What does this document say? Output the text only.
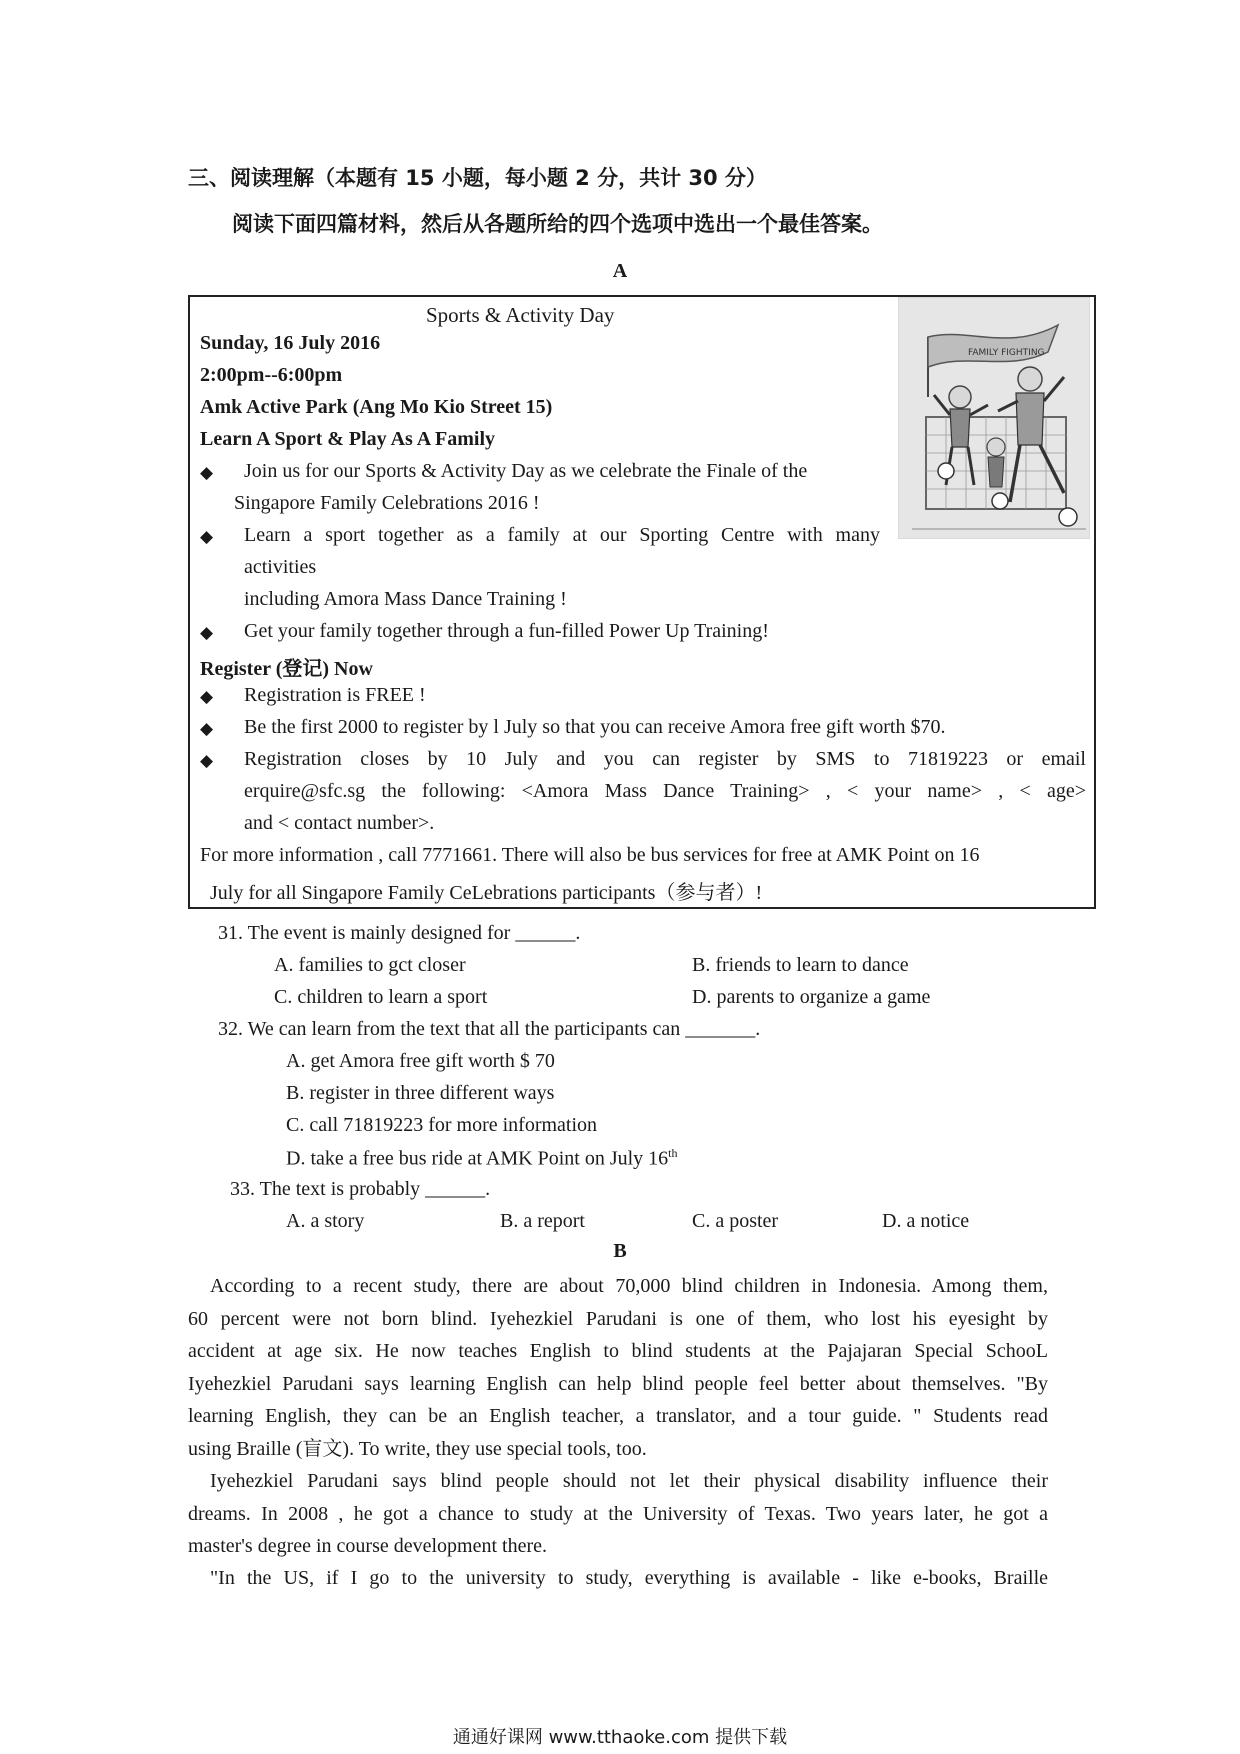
三、阅读理解（本题有 15 小题，每小题 2 分，共计 30 分）
阅读下面四篇材料，然后从各题所给的四个选项中选出一个最佳答案。
A
Sports & Activity Day
Sunday, 16 July 2016
2:00pm--6:00pm
Amk Active Park (Ang Mo Kio Street 15)
Learn A Sport & Play As A Family
◆ Join us for our Sports & Activity Day as we celebrate the Finale of the
Singapore Family Celebrations 2016 !
◆ Learn a sport together as a family at our Sporting Centre with many
activities
including Amora Mass Dance Training !
◆ Get your family together through a fun-filled Power Up Training!
Register (登记) Now
◆ Registration is FREE !
◆ Be the first 2000 to register by l July so that you can receive Amora free gift worth $70.
◆ Registration closes by 10 July and you can register by SMS to 71819223 or email
erquire@sfc.sg the following: <Amora Mass Dance Training> , < your name> , < age>
and < contact number>.
For more information , call 7771661. There will also be bus services for free at AMK Point on 16
July for all Singapore Family CeLebrations participants（参与者）!
FAMILY FIGHTING
31. The event is mainly designed for ______.
A. families to gct closer	B. friends to learn to dance
C. children to learn a sport	D. parents to organize a game
32. We can learn from the text that all the participants can _______.
A. get Amora free gift worth $ 70
B. register in three different ways
C. call 71819223 for more information
D. take a free bus ride at AMK Point on July 16th
33. The text is probably ______.
A. a story	B. a report	C. a poster	D. a notice
B
According to a recent study, there are about 70,000 blind children in Indonesia. Among them,
60 percent were not born blind. Iyehezkiel Parudani is one of them, who lost his eyesight by
accident at age six. He now teaches English to blind students at the Pajajaran Special SchooL
Iyehezkiel Parudani says learning English can help blind people feel better about themselves. "By
learning English, they can be an English teacher, a translator, and a tour guide. " Students read
using Braille (盲文). To write, they use special tools, too.
Iyehezkiel Parudani says blind people should not let their physical disability influence their
dreams. In 2008 , he got a chance to study at the University of Texas. Two years later, he got a
master's degree in course development there.
"In the US, if I go to the university to study, everything is available - like e-books, Braille
通通好课网 www.tthaoke.com 提供下载
